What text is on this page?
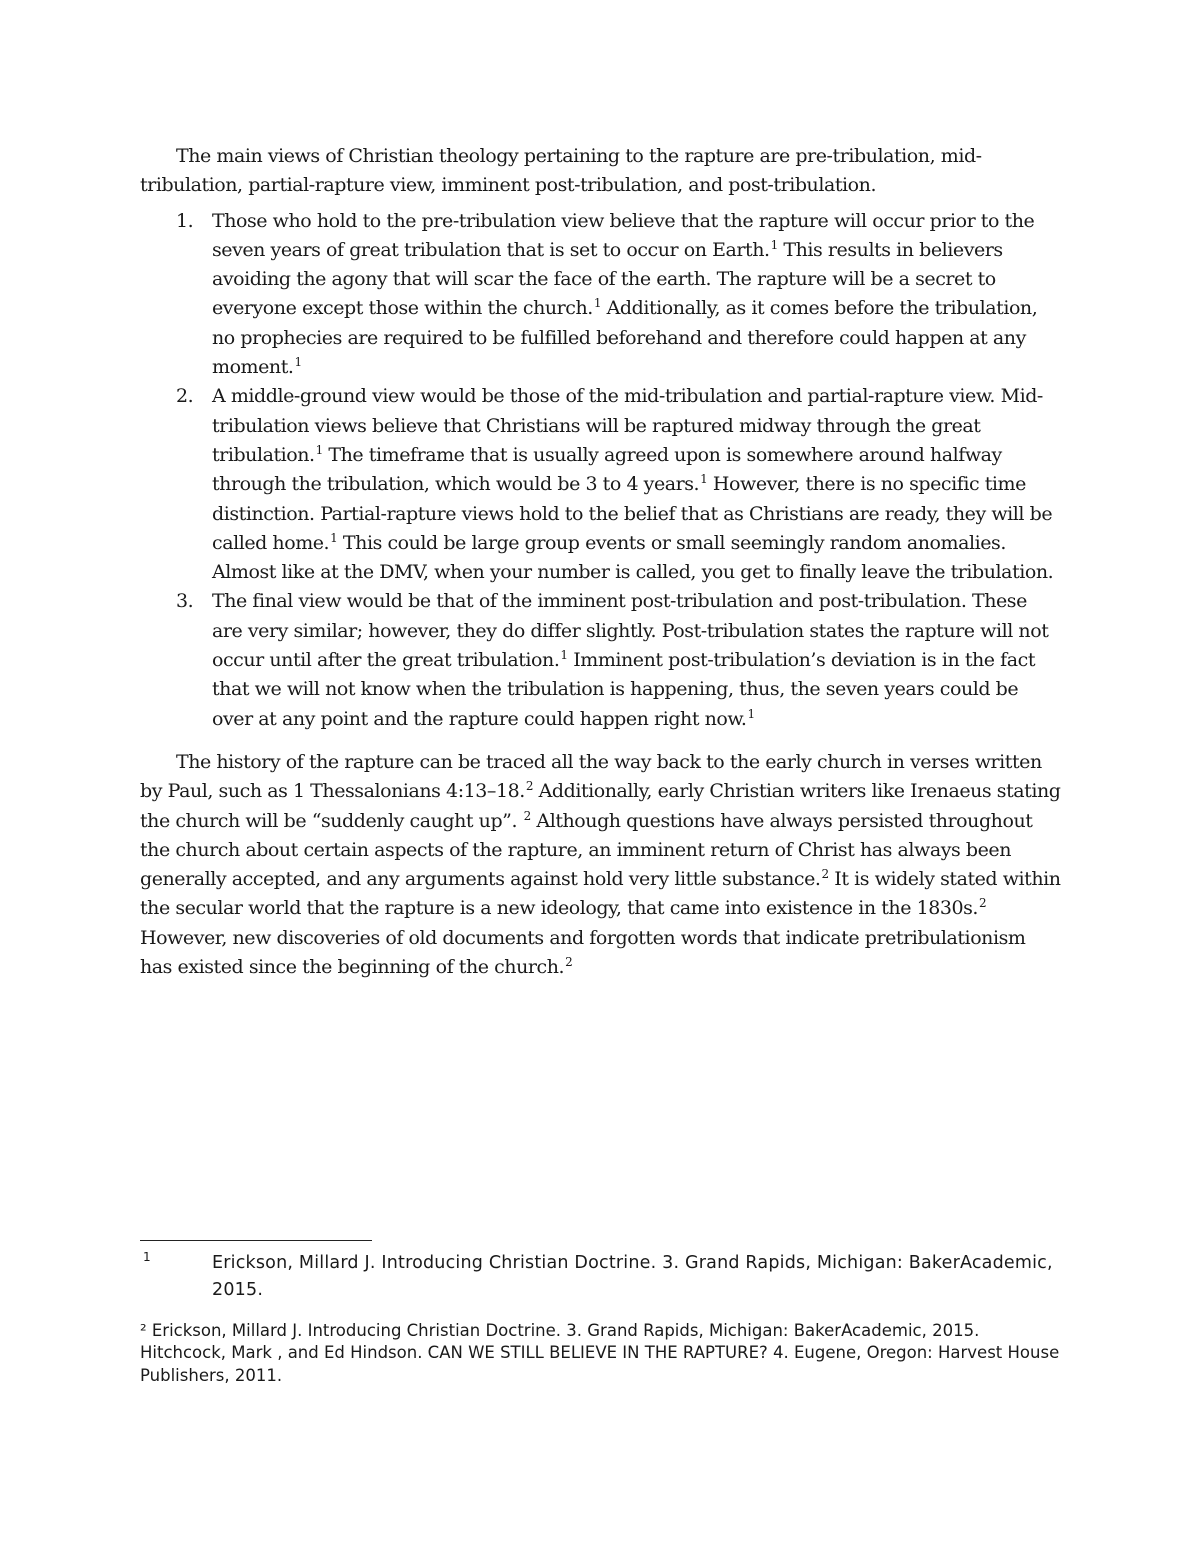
The main views of Christian theology pertaining to the rapture are pre-tribulation, mid-tribulation, partial-rapture view, imminent post-tribulation, and post-tribulation.

1. Those who hold to the pre-tribulation view believe that the rapture will occur prior to the seven years of great tribulation that is set to occur on Earth.$^1$ This results in believers avoiding the agony that will scar the face of the earth. The rapture will be a secret to everyone except those within the church.$^1$ Additionally, as it comes before the tribulation, no prophecies are required to be fulfilled beforehand and therefore could happen at any moment.$^1$
2. A middle-ground view would be those of the mid-tribulation and partial-rapture view. Mid-tribulation views believe that Christians will be raptured midway through the great tribulation.$^1$ The timeframe that is usually agreed upon is somewhere around halfway through the tribulation, which would be 3 to 4 years.$^1$ However, there is no specific time distinction. Partial-rapture views hold to the belief that as Christians are ready, they will be called home.$^1$ This could be large group events or small seemingly random anomalies. Almost like at the DMV, when your number is called, you get to finally leave the tribulation.
3. The final view would be that of the imminent post-tribulation and post-tribulation. These are very similar; however, they do differ slightly. Post-tribulation states the rapture will not occur until after the great tribulation.$^1$ Imminent post-tribulation’s deviation is in the fact that we will not know when the tribulation is happening, thus, the seven years could be over at any point and the rapture could happen right now.$^1$

The history of the rapture can be traced all the way back to the early church in verses written by Paul, such as 1 Thessalonians 4:13–18.$^2$ Additionally, early Christian writers like Irenaeus stating the church will be “suddenly caught up”. $^2$ Although questions have always persisted throughout the church about certain aspects of the rapture, an imminent return of Christ has always been generally accepted, and any arguments against hold very little substance.$^2$ It is widely stated within the secular world that the rapture is a new ideology, that came into existence in the 1830s.$^2$ However, new discoveries of old documents and forgotten words that indicate pretribulationism has existed since the beginning of the church.$^2$

1	Erickson, Millard J. Introducing Christian Doctrine. 3. Grand Rapids, Michigan: BakerAcademic, 2015.

² Erickson, Millard J. Introducing Christian Doctrine. 3. Grand Rapids, Michigan: BakerAcademic, 2015.

Hitchcock, Mark , and Ed Hindson. CAN WE STILL BELIEVE IN THE RAPTURE? 4. Eugene, Oregon: Harvest House Publishers, 2011.
